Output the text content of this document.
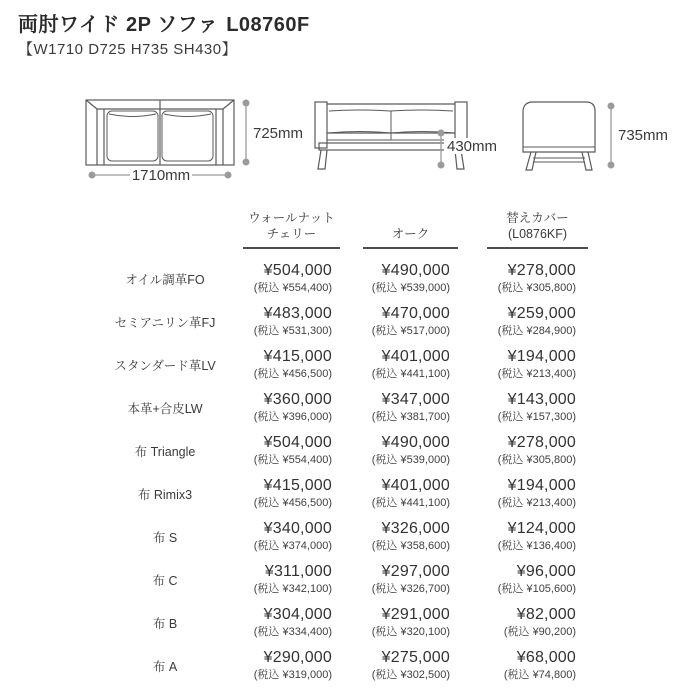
両肘ワイド 2P ソファ L08760F
【W1710 D725 H735 SH430】
725mm
1710mm
430mm
735mm
ウォールナット
チェリー	オーク
替えカバー
(L0876KF)
オイル調革FO
¥504,000
(税込 ¥554,400)
¥490,000
(税込 ¥539,000)
¥278,000
(税込 ¥305,800)
セミアニリン革FJ
¥483,000
(税込 ¥531,300)
¥470,000
(税込 ¥517,000)
¥259,000
(税込 ¥284,900)
スタンダード革LV
¥415,000
(税込 ¥456,500)
¥401,000
(税込 ¥441,100)
¥194,000
(税込 ¥213,400)
本革+合皮LW
¥360,000
(税込 ¥396,000)
¥347,000
(税込 ¥381,700)
¥143,000
(税込 ¥157,300)
布 Triangle
¥504,000
(税込 ¥554,400)
¥490,000
(税込 ¥539,000)
¥278,000
(税込 ¥305,800)
布 Rimix3
¥415,000
(税込 ¥456,500)
¥401,000
(税込 ¥441,100)
¥194,000
(税込 ¥213,400)
布 S
¥340,000
(税込 ¥374,000)
¥326,000
(税込 ¥358,600)
¥124,000
(税込 ¥136,400)
布 C
¥311,000
(税込 ¥342,100)
¥297,000
(税込 ¥326,700)
¥96,000
(税込 ¥105,600)
布 B
¥304,000
(税込 ¥334,400)
¥291,000
(税込 ¥320,100)
¥82,000
(税込 ¥90,200)
布 A
¥290,000
(税込 ¥319,000)
¥275,000
(税込 ¥302,500)
¥68,000
(税込 ¥74,800)
